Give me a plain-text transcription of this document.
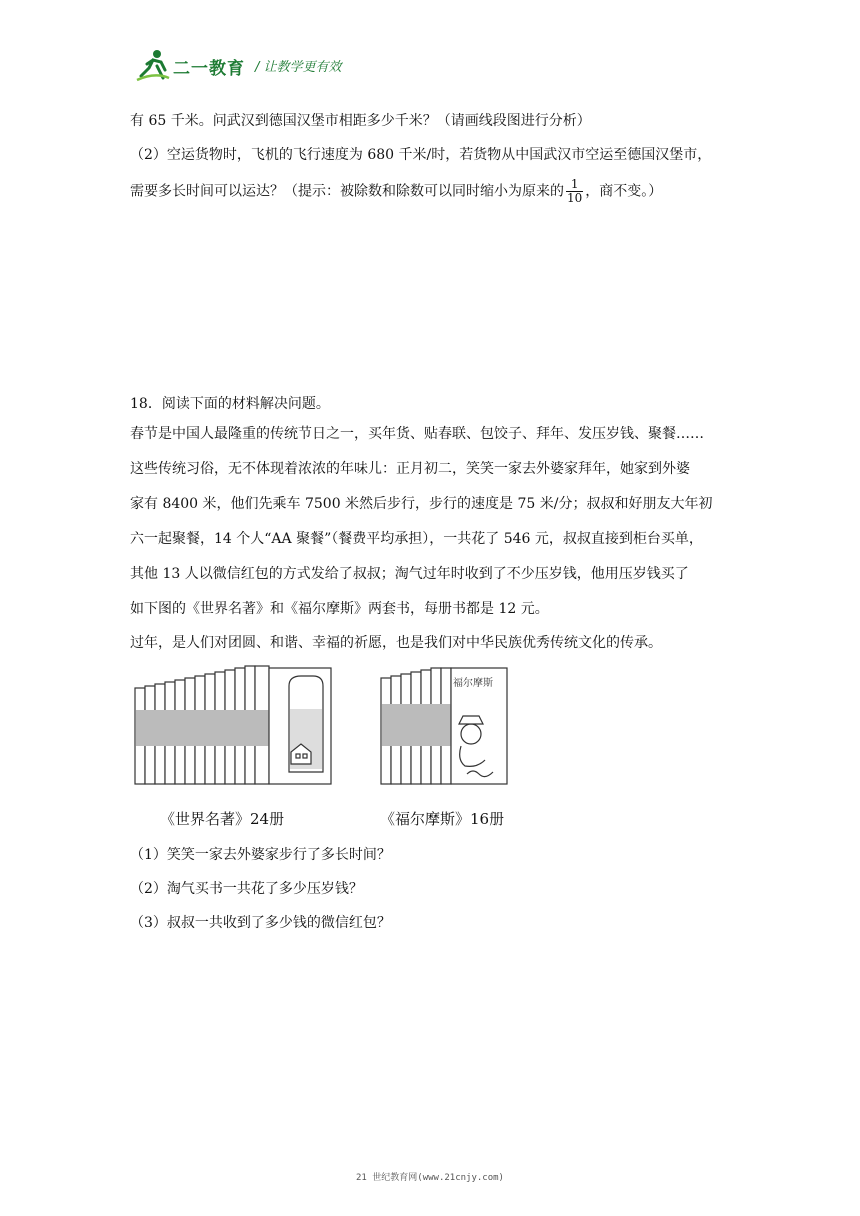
二一教育 / 让教学更有效
有 65 千米。问武汉到德国汉堡市相距多少千米？（请画线段图进行分析）
（2）空运货物时，飞机的飞行速度为 680 千米/时，若货物从中国武汉市空运至德国汉堡市，
需要多长时间可以运达？（提示：被除数和除数可以同时缩小为原来的 $\frac{1}{10}$ ，商不变。）
18．阅读下面的材料解决问题。
春节是中国人最隆重的传统节日之一，买年货、贴春联、包饺子、拜年、发压岁钱、聚餐……
这些传统习俗，无不体现着浓浓的年味儿：正月初二，笑笑一家去外婆家拜年，她家到外婆
家有 8400 米，他们先乘车 7500 米然后步行，步行的速度是 75 米/分；叔叔和好朋友大年初
六一起聚餐，14 个人“AA 聚餐”（餐费平均承担），一共花了 546 元，叔叔直接到柜台买单，
其他 13 人以微信红包的方式发给了叔叔；淘气过年时收到了不少压岁钱，他用压岁钱买了
如下图的《世界名著》和《福尔摩斯》两套书，每册书都是 12 元。
过年，是人们对团圆、和谐、幸福的祈愿，也是我们对中华民族优秀传统文化的传承。
福尔摩斯
《世界名著》24册	《福尔摩斯》16册
（1）笑笑一家去外婆家步行了多长时间？
（2）淘气买书一共花了多少压岁钱？
（3）叔叔一共收到了多少钱的微信红包？
21 世纪教育网(www.21cnjy.com)
